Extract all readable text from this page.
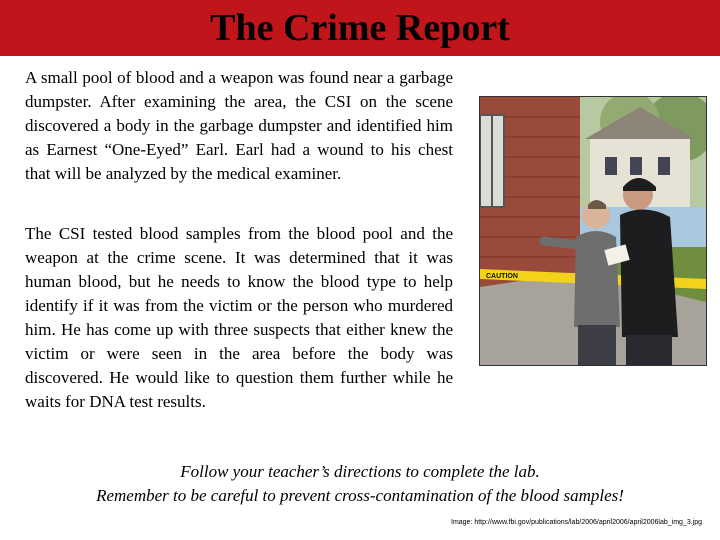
The Crime Report

A small pool of blood and a weapon was found near a garbage dumpster. After examining the area, the CSI on the scene discovered a body in the garbage dumpster and identified him as Earnest “One-Eyed” Earl. Earl had a wound to his chest that will be analyzed by the medical examiner.

The CSI tested blood samples from the blood pool and the weapon at the crime scene. It was determined that it was human blood, but he needs to know the blood type to help identify if it was from the victim or the person who murdered him. He has come up with three suspects that either knew the victim or were seen in the area before the body was discovered. He would like to question them further while he waits for DNA test results.

CAUTION

Follow your teacher’s directions to complete the lab.
Remember to be careful to prevent cross-contamination of the blood samples!

Image: http://www.fbi.gov/publications/lab/2006/april2006/april2006lab_img_3.jpg
